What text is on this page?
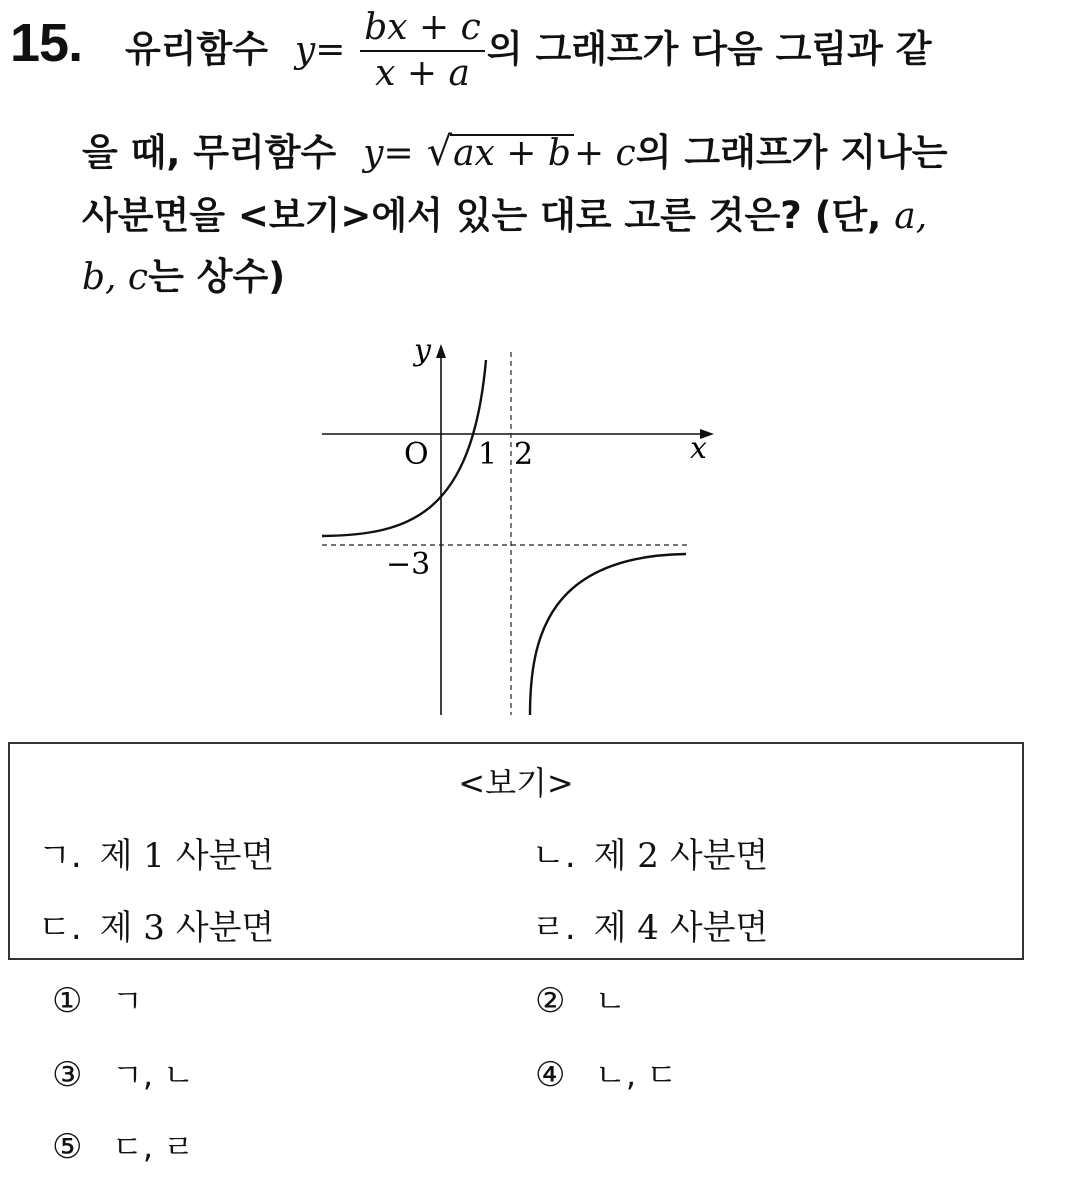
15. 유리함수 $y= \frac{bx + c}{x + a}$ 의 그래프가 다음 그림과 같
을 때, 무리함수 y= √ ax + b + c의 그래프가 지나는
사분면을 <보기>에서 있는 대로 고른 것은? (단, a,
b, c는 상수)
y
x
O 1 2
−3
<보기>
ㄱ. 제 1 사분면	ㄴ. 제 2 사분면
ㄷ. 제 3 사분면	ㄹ. 제 4 사분면
① ㄱ	② ㄴ
③ ㄱ, ㄴ	④ ㄴ, ㄷ
⑤ ㄷ, ㄹ
